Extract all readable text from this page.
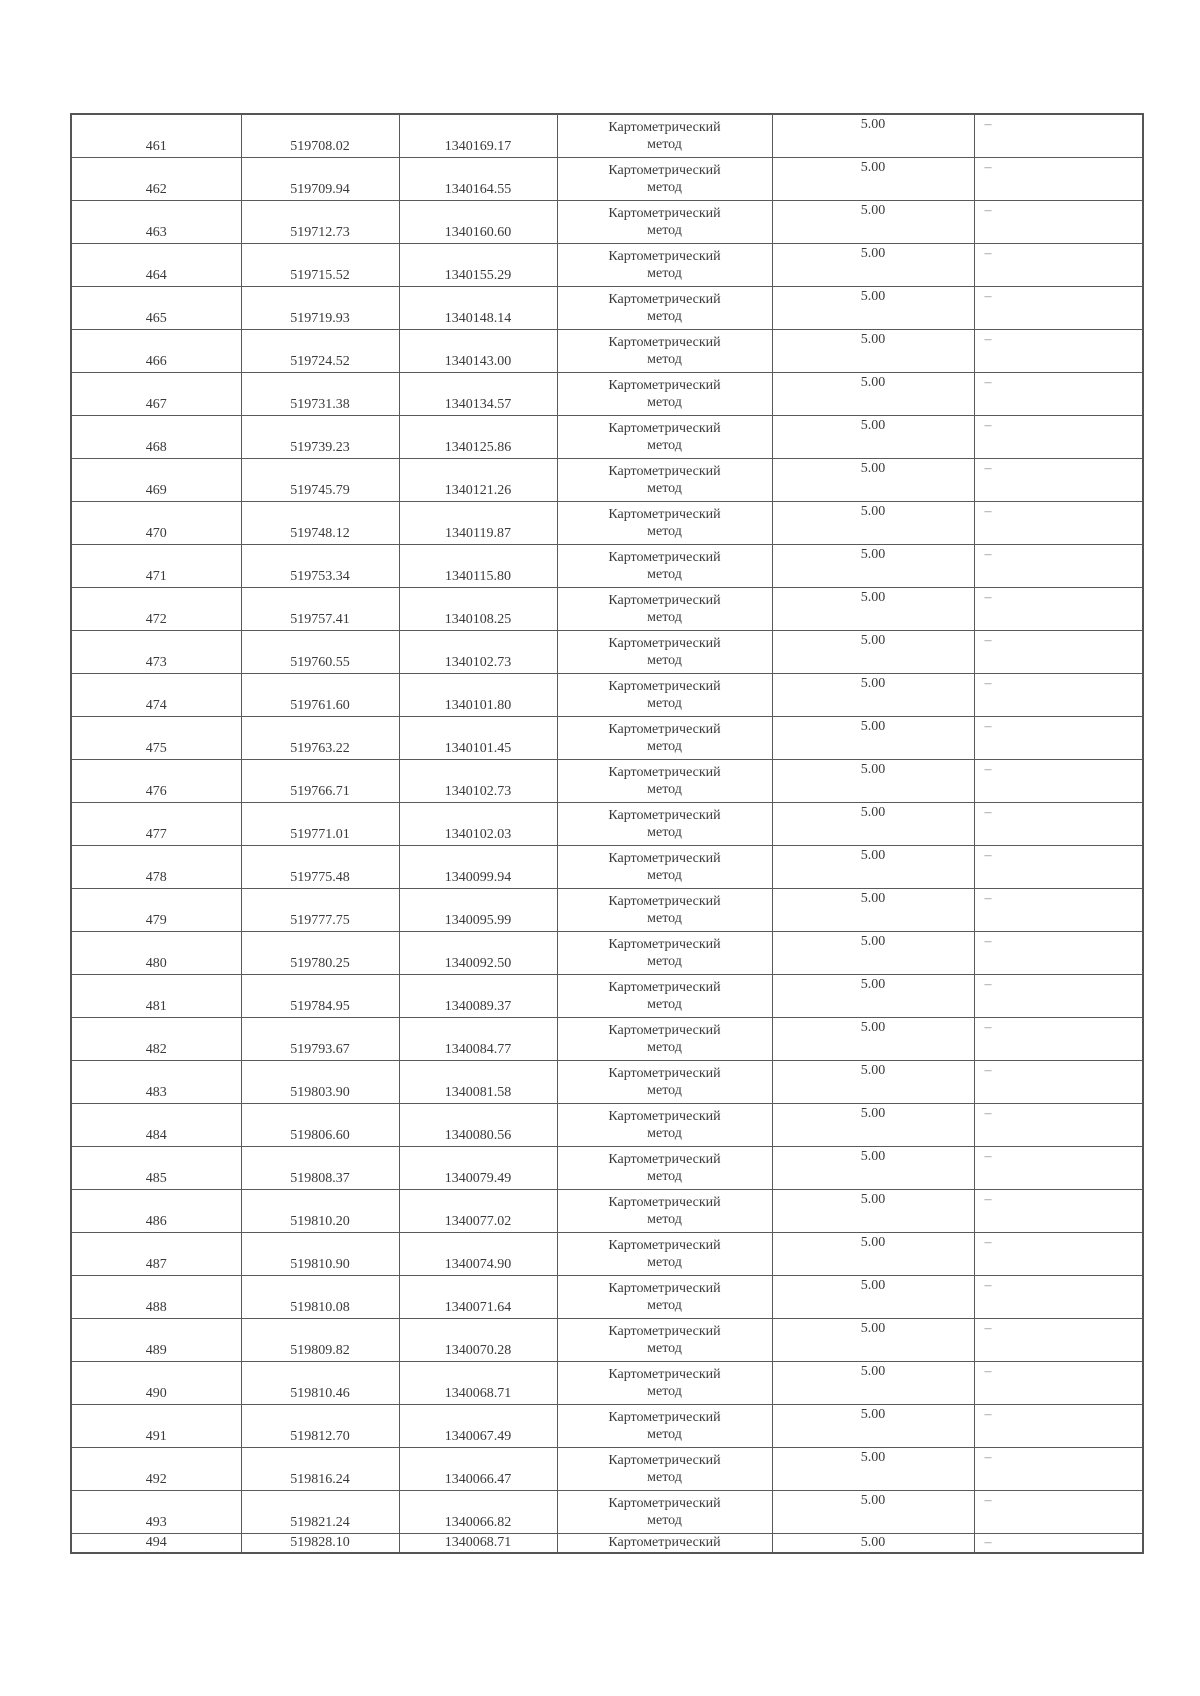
461	519708.02	1340169.17	Картометрический
метод	5.00	–

462	519709.94	1340164.55	Картометрический
метод	5.00	–

463	519712.73	1340160.60	Картометрический
метод	5.00	–

464	519715.52	1340155.29	Картометрический
метод	5.00	–

465	519719.93	1340148.14	Картометрический
метод	5.00	–

466	519724.52	1340143.00	Картометрический
метод	5.00	–

467	519731.38	1340134.57	Картометрический
метод	5.00	–

468	519739.23	1340125.86	Картометрический
метод	5.00	–

469	519745.79	1340121.26	Картометрический
метод	5.00	–

470	519748.12	1340119.87	Картометрический
метод	5.00	–

471	519753.34	1340115.80	Картометрический
метод	5.00	–

472	519757.41	1340108.25	Картометрический
метод	5.00	–

473	519760.55	1340102.73	Картометрический
метод	5.00	–

474	519761.60	1340101.80	Картометрический
метод	5.00	–

475	519763.22	1340101.45	Картометрический
метод	5.00	–

476	519766.71	1340102.73	Картометрический
метод	5.00	–

477	519771.01	1340102.03	Картометрический
метод	5.00	–

478	519775.48	1340099.94	Картометрический
метод	5.00	–

479	519777.75	1340095.99	Картометрический
метод	5.00	–

480	519780.25	1340092.50	Картометрический
метод	5.00	–

481	519784.95	1340089.37	Картометрический
метод	5.00	–

482	519793.67	1340084.77	Картометрический
метод	5.00	–

483	519803.90	1340081.58	Картометрический
метод	5.00	–

484	519806.60	1340080.56	Картометрический
метод	5.00	–

485	519808.37	1340079.49	Картометрический
метод	5.00	–

486	519810.20	1340077.02	Картометрический
метод	5.00	–

487	519810.90	1340074.90	Картометрический
метод	5.00	–

488	519810.08	1340071.64	Картометрический
метод	5.00	–

489	519809.82	1340070.28	Картометрический
метод	5.00	–

490	519810.46	1340068.71	Картометрический
метод	5.00	–

491	519812.70	1340067.49	Картометрический
метод	5.00	–

492	519816.24	1340066.47	Картометрический
метод	5.00	–

493	519821.24	1340066.82	Картометрический
метод	5.00	–

494	519828.10	1340068.71	Картометрический	5.00	–
